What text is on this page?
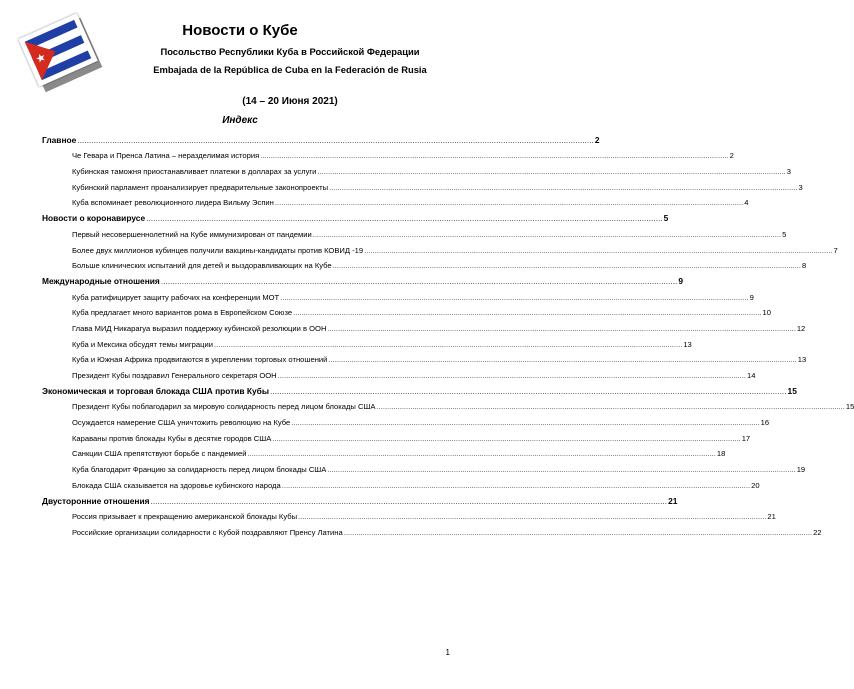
Новости о Кубе
Посольство Республики Куба в Российской Федерации
Embajada de la República de Cuba en la Federación de Rusia
(14 – 20 Июня 2021)
Индекс
Главное .....	2
Че Гевара и Пренса Латина – неразделимая история .....	2
Кубинская таможня приостанавливает платежи в долларах за услуги .....	3
Кубинский парламент проанализирует предварительные законопроекты .....	3
Куба вспоминает революционного лидера Вильму Эспин .....	4
Новости о коронавирусе .....	5
Первый несовершеннолетний на Кубе иммунизирован от пандемии .....	5
Более двух миллионов кубинцев получили вакцины-кандидаты против КОВИД -19 .....	7
Больше клинических испытаний для детей и выздоравливающих на Кубе .....	8
Международные отношения .....	9
Куба ратифицирует защиту рабочих на конференции МОТ .....	9
Куба предлагает много вариантов рома в Европейском Союзе .....	10
Глава МИД Никарагуа выразил поддержку кубинской резолюции в ООН .....	12
Куба и Мексика обсудят темы миграции .....	13
Куба и Южная Африка продвигаются в укреплении торговых отношений .....	13
Президент Кубы поздравил Генерального секретаря ООН .....	14
Экономическая и торговая блокада США против Кубы .....	15
Президент Кубы поблагодарил за мировую солидарность перед лицом блокады США .....	15
Осуждается намерение США уничтожить революцию на Кубе .....	16
Караваны против блокады Кубы в десятке городов США .....	17
Санкции США препятствуют борьбе с пандемией .....	18
Куба благодарит Францию за солидарность перед лицом блокады США .....	19
Блокада США сказывается на здоровье кубинского народа .....	20
Двусторонние отношения .....	21
Россия призывает к прекращению американской блокады Кубы .....	21
Российские организации солидарности с Кубой поздравляют Пренсу Латина .....	22
1
